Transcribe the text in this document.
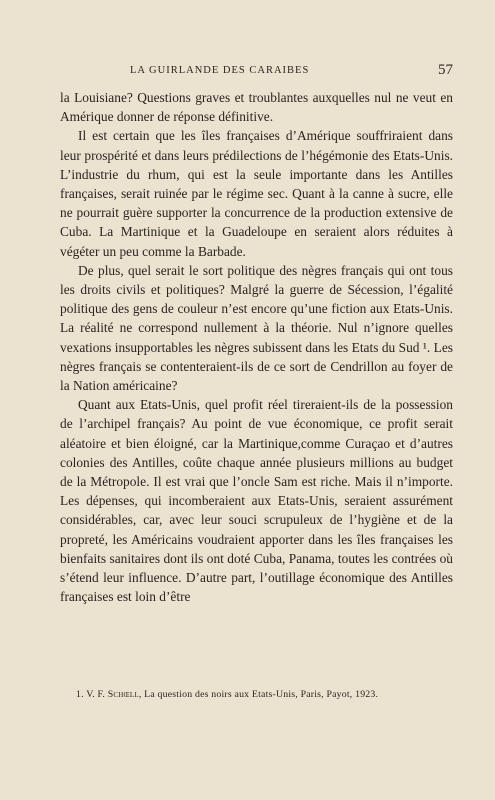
LA GUIRLANDE DES CARAIBES	57

la Louisiane? Questions graves et troublantes auxquelles nul ne veut en Amérique donner de réponse définitive.

Il est certain que les îles françaises d’Amérique souffriraient dans leur prospérité et dans leurs prédilections de l’hégémonie des Etats-Unis. L’industrie du rhum, qui est la seule importante dans les Antilles françaises, serait ruinée par le régime sec. Quant à la canne à sucre, elle ne pourrait guère supporter la concurrence de la production extensive de Cuba. La Martinique et la Guadeloupe en seraient alors réduites à végéter un peu comme la Barbade.

De plus, quel serait le sort politique des nègres français qui ont tous les droits civils et politiques? Malgré la guerre de Sécession, l’égalité politique des gens de couleur n’est encore qu’une fiction aux Etats-Unis. La réalité ne correspond nullement à la théorie. Nul n’ignore quelles vexations insupportables les nègres subissent dans les Etats du Sud ¹. Les nègres français se contenteraient-ils de ce sort de Cendrillon au foyer de la Nation américaine?

Quant aux Etats-Unis, quel profit réel tireraient-ils de la possession de l’archipel français? Au point de vue économique, ce profit serait aléatoire et bien éloigné, car la Martinique,comme Curaçao et d’autres colonies des Antilles, coûte chaque année plusieurs millions au budget de la Métropole. Il est vrai que l’oncle Sam est riche. Mais il n’importe. Les dépenses, qui incomberaient aux Etats-Unis, seraient assurément considérables, car, avec leur souci scrupuleux de l’hygiène et de la propreté, les Américains voudraient apporter dans les îles françaises les bienfaits sanitaires dont ils ont doté Cuba, Panama, toutes les contrées où s’étend leur influence. D’autre part, l’outillage économique des Antilles françaises est loin d’être

1. V. F. Schœll, La question des noirs aux Etats-Unis, Paris, Payot, 1923.
